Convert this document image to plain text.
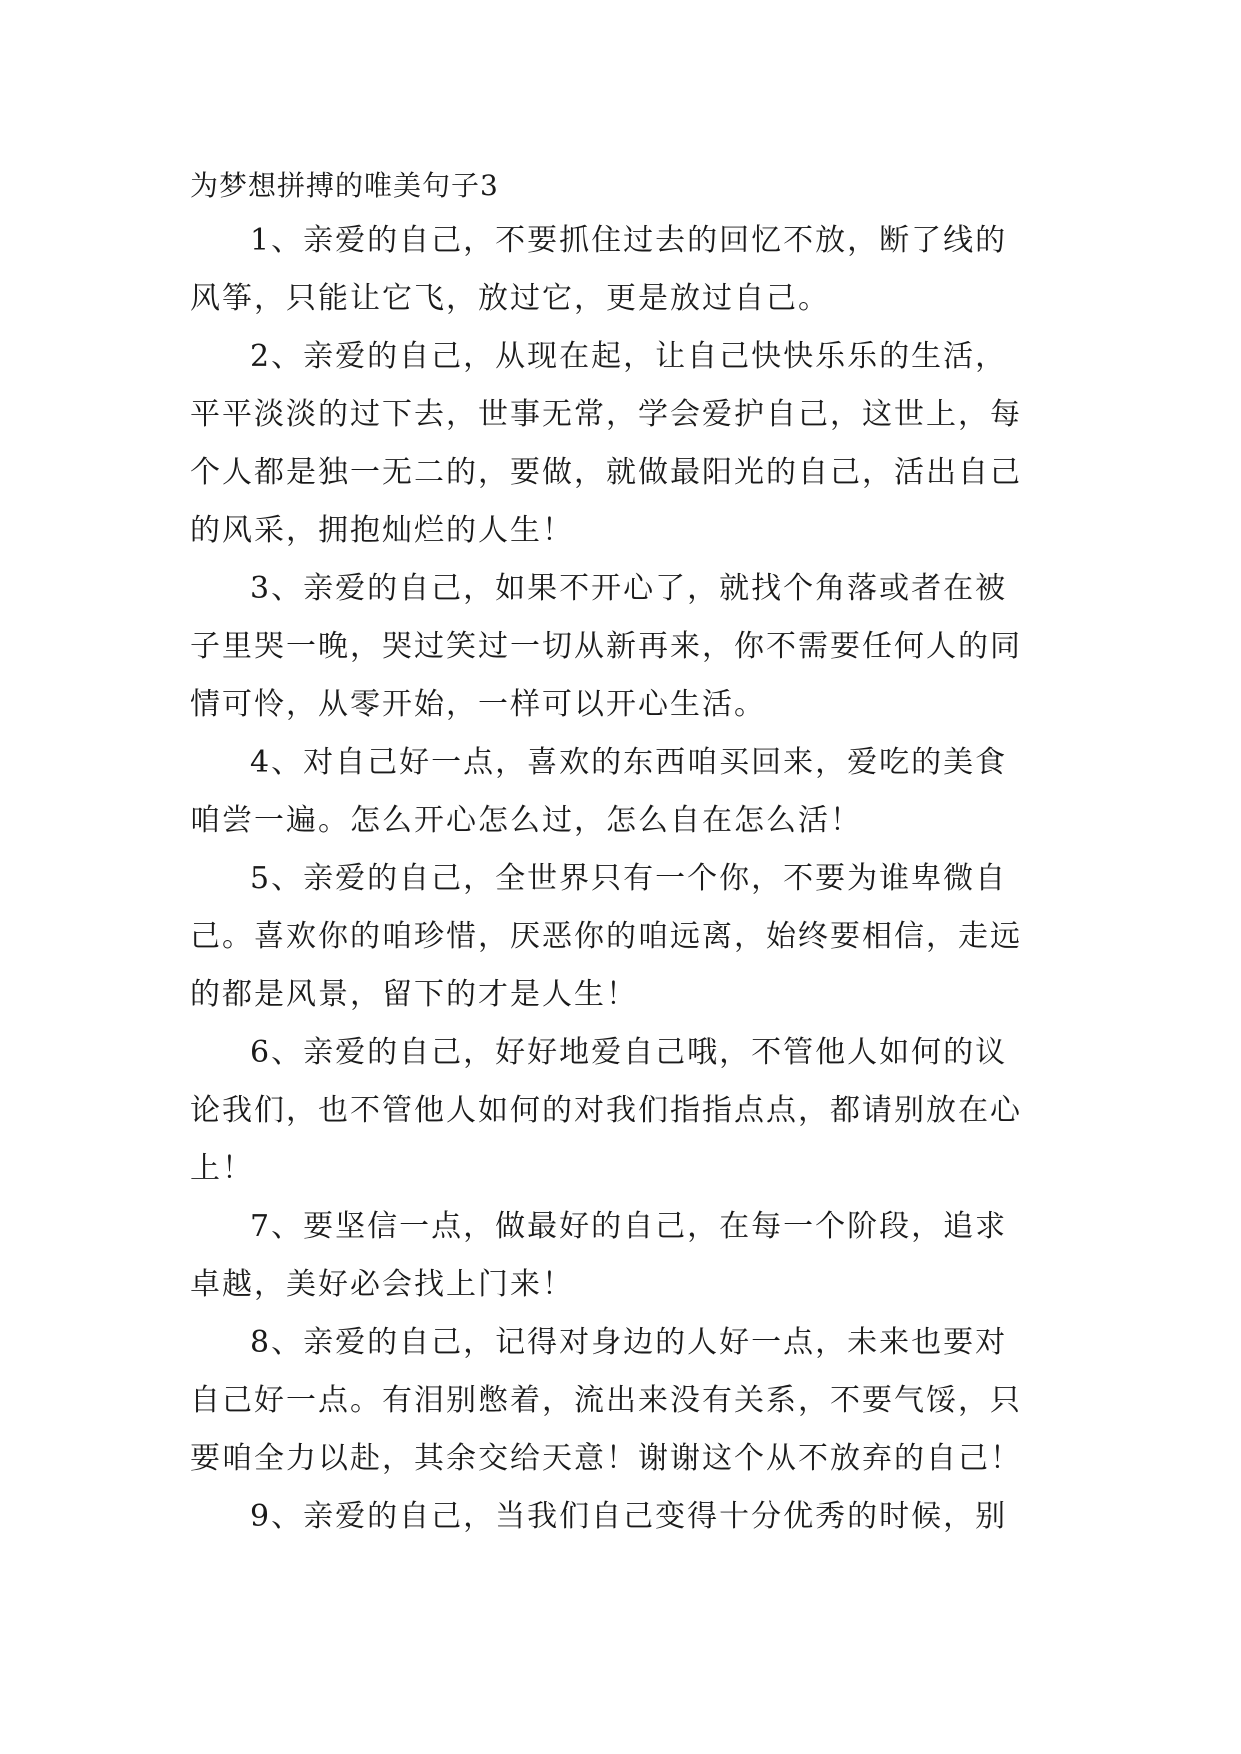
为梦想拼搏的唯美句子3

1、亲爱的自己，不要抓住过去的回忆不放，断了线的
风筝，只能让它飞，放过它，更是放过自己。

2、亲爱的自己，从现在起，让自己快快乐乐的生活，
平平淡淡的过下去，世事无常，学会爱护自己，这世上，每
个人都是独一无二的，要做，就做最阳光的自己，活出自己
的风采，拥抱灿烂的人生！

3、亲爱的自己，如果不开心了，就找个角落或者在被
子里哭一晚，哭过笑过一切从新再来，你不需要任何人的同
情可怜，从零开始，一样可以开心生活。

4、对自己好一点，喜欢的东西咱买回来，爱吃的美食
咱尝一遍。怎么开心怎么过，怎么自在怎么活！

5、亲爱的自己，全世界只有一个你，不要为谁卑微自
己。喜欢你的咱珍惜，厌恶你的咱远离，始终要相信，走远
的都是风景，留下的才是人生！

6、亲爱的自己，好好地爱自己哦，不管他人如何的议
论我们，也不管他人如何的对我们指指点点，都请别放在心
上！

7、要坚信一点，做最好的自己，在每一个阶段，追求
卓越，美好必会找上门来！

8、亲爱的自己，记得对身边的人好一点，未来也要对
自己好一点。有泪别憋着，流出来没有关系，不要气馁，只
要咱全力以赴，其余交给天意！谢谢这个从不放弃的自己！

9、亲爱的自己，当我们自己变得十分优秀的时候，别
